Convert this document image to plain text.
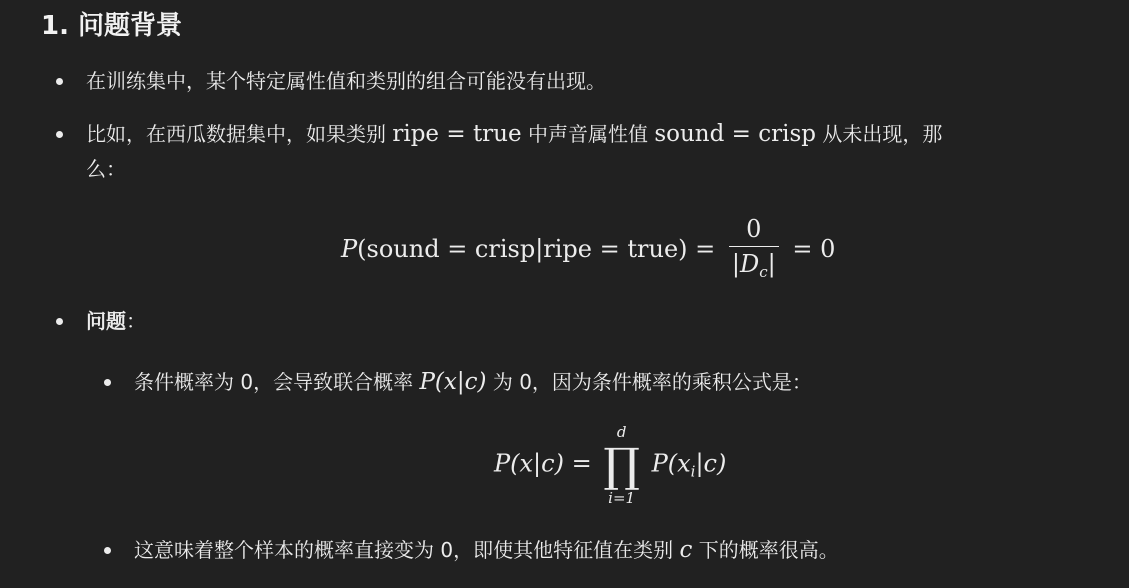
1. 问题背景
在训练集中，某个特定属性值和类别的组合可能没有出现。
比如，在西瓜数据集中，如果类别 ripe = true 中声音属性值 sound = crisp 从未出现，那
么：
P(sound = crisp|ripe = true) = $\frac{0}{|D_c|} = 0$
问题：
条件概率为 0，会导致联合概率 P(x|c) 为 0，因为条件概率的乘积公式是：
P(x|c) =
d
∏
i=1
$P(x_i|c)$
这意味着整个样本的概率直接变为 0，即使其他特征值在类别 c 下的概率很高。
